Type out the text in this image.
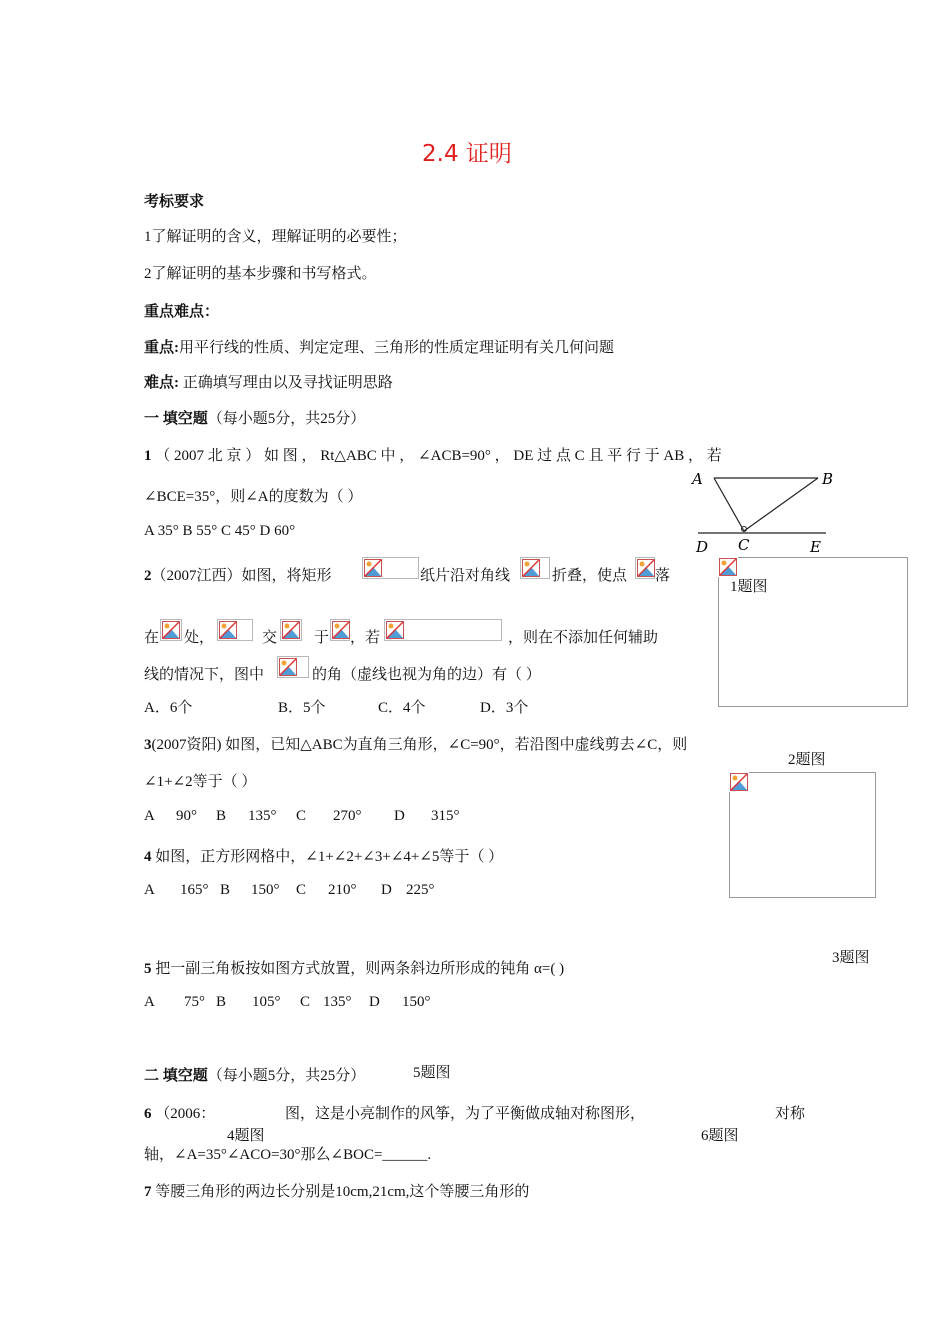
2.4 证明
考标要求
1了解证明的含义，理解证明的必要性；
2了解证明的基本步骤和书写格式。
重点难点：
重点:用平行线的性质、判定定理、三角形的性质定理证明有关几何问题
难点: 正确填写理由以及寻找证明思路
一 填空题（每小题5分，共25分）
1 （ 2007 北 京 ） 如 图 ， Rt△ABC 中 ， ∠ACB=90° ， DE 过 点 C 且 平 行 于 AB ， 若
∠BCE=35°，则∠A的度数为（ ）
A 35° B 55° C 45° D 60°
A	B
D C	E
1题图
2（2007江西）如图，将矩形	纸片沿对角线	折叠，使点 落
在 处，	交 于 ，若	，则在不添加任何辅助
线的情况下，图中	的角（虚线也视为角的边）有（ ）
A．6个	B．5个	C．4个	D．3个
3(2007资阳) 如图，已知△ABC为直角三角形，∠C=90°，若沿图中虚线剪去∠C，则
2题图
∠1+∠2等于（ ）
A 90° B 135° C 270° D 315°
4 如图，正方形网格中，∠1+∠2+∠3+∠4+∠5等于（ ）
A 165° B 150° C 210° D 225°
3题图
5 把一副三角板按如图方式放置，则两条斜边所形成的钝角 α=( )
A 75° B 105° C 135° D 150°
二 填空题（每小题5分，共25分）	5题图
6 （2006：	图，这是小亮制作的风筝，为了平衡做成轴对称图形，	对称
4题图	6题图
轴，∠A=35°∠ACO=30°那么∠BOC=______.
7 等腰三角形的两边长分别是10cm,21cm,这个等腰三角形的
